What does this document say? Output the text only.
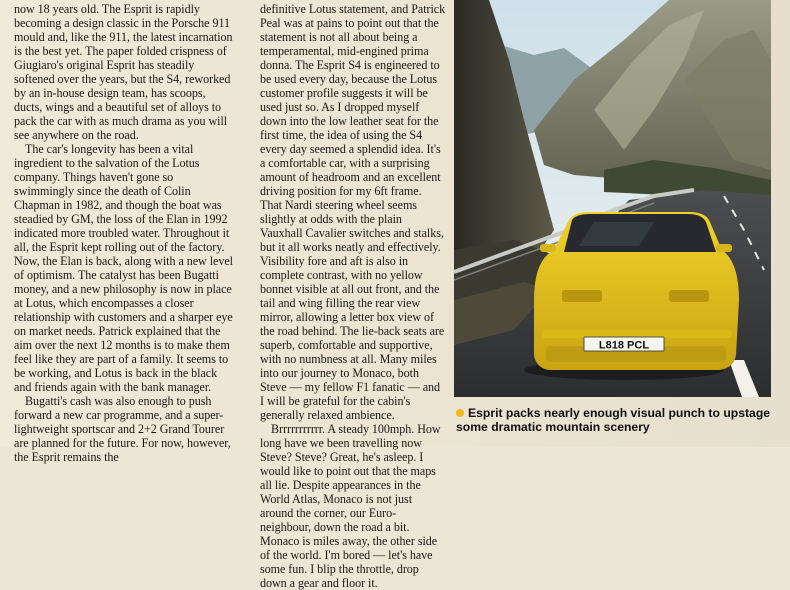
now 18 years old. The Esprit is rapidly becoming a design classic in the Porsche 911 mould and, like the 911, the latest incarnation is the best yet. The paper folded crispness of Giugiaro's original Esprit has steadily softened over the years, but the S4, reworked by an in-house design team, has scoops, ducts, wings and a beautiful set of alloys to pack the car with as much drama as you will see anywhere on the road.

The car's longevity has been a vital ingredient to the salvation of the Lotus company. Things haven't gone so swimmingly since the death of Colin Chapman in 1982, and though the boat was steadied by GM, the loss of the Elan in 1992 indicated more troubled water. Throughout it all, the Esprit kept rolling out of the factory. Now, the Elan is back, along with a new level of optimism. The catalyst has been Bugatti money, and a new philosophy is now in place at Lotus, which encompasses a closer relationship with customers and a sharper eye on market needs. Patrick explained that the aim over the next 12 months is to make them feel like they are part of a family. It seems to be working, and Lotus is back in the black and friends again with the bank manager.

Bugatti's cash was also enough to push forward a new car programme, and a super-lightweight sportscar and 2+2 Grand Tourer are planned for the future. For now, however, the Esprit remains the

definitive Lotus statement, and Patrick Peal was at pains to point out that the statement is not all about being a temperamental, mid-engined prima donna. The Esprit S4 is engineered to be used every day, because the Lotus customer profile suggests it will be used just so. As I dropped myself down into the low leather seat for the first time, the idea of using the S4 every day seemed a splendid idea. It's a comfortable car, with a surprising amount of headroom and an excellent driving position for my 6ft frame. That Nardi steering wheel seems slightly at odds with the plain Vauxhall Cavalier switches and stalks, but it all works neatly and effectively. Visibility fore and aft is also in complete contrast, with no yellow bonnet visible at all out front, and the tail and wing filling the rear view mirror, allowing a letter box view of the road behind. The lie-back seats are superb, comfortable and supportive, with no numbness at all. Many miles into our journey to Monaco, both Steve — my fellow F1 fanatic — and I will be grateful for the cabin's generally relaxed ambience.

Brrrrrrrrrrr. A steady 100mph. How long have we been travelling now Steve? Steve? Great, he's asleep. I would like to point out that the maps all lie. Despite appearances in the World Atlas, Monaco is not just around the corner, our Euro-neighbour, down the road a bit. Monaco is miles away, the other side of the world. I'm bored — let's have some fun. I blip the throttle, drop down a gear and floor it.

L818 PCL
Esprit packs nearly enough visual punch to upstage some dramatic mountain scenery
